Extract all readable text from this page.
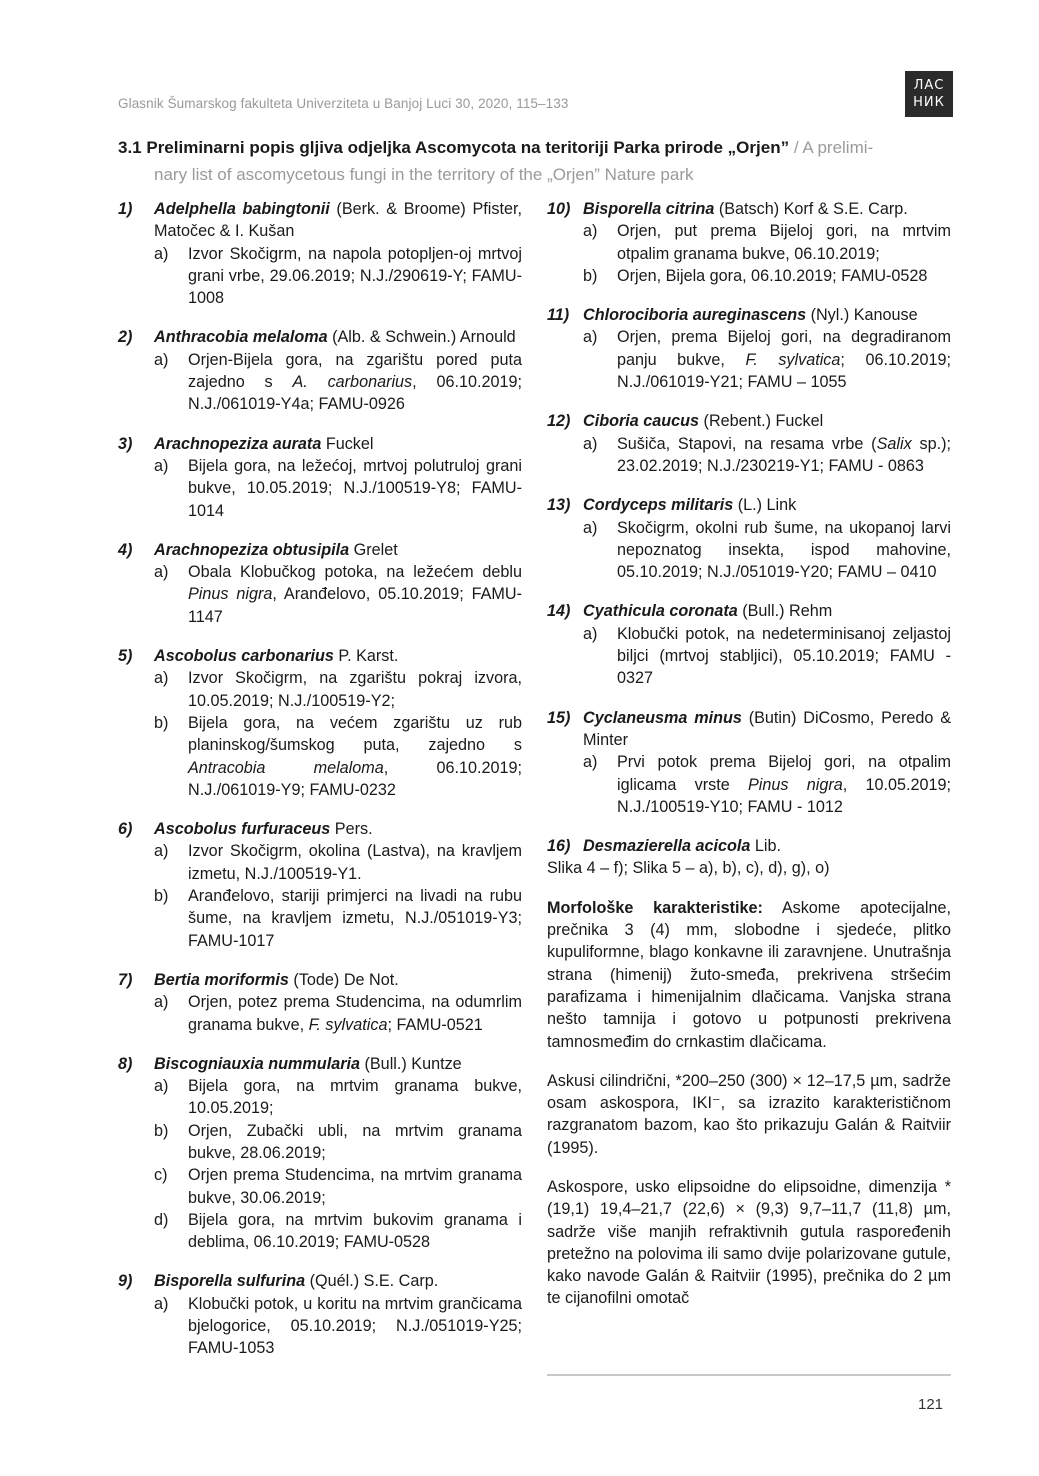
Glasnik Šumarskog fakulteta Univerziteta u Banjoj Luci 30, 2020, 115–133
ЛАС
НИК
3.1 Preliminarni popis gljiva odjeljka Ascomycota na teritoriji Parka prirode „Orjen” / A prelimi-
nary list of ascomycetous fungi in the territory of the „Orjen” Nature park
1)	Adelphella babingtonii (Berk. & Broome) Pfister, Matočec & I. Kušan
a)	Izvor Skočigrm, na napola potopljen-oj mrtvoj grani vrbe, 29.06.2019; N.J./290619-Y; FAMU-1008
2)	Anthracobia melaloma (Alb. & Schwein.) Arnould
a)	Orjen-Bijela gora, na zgarištu pored puta zajedno s A. carbonarius, 06.10.2019; N.J./061019-Y4a; FAMU-0926
3)	Arachnopeziza aurata Fuckel
a)	Bijela gora, na ležećoj, mrtvoj polutruloj grani bukve, 10.05.2019; N.J./100519-Y8; FAMU-1014
4)	Arachnopeziza obtusipila Grelet
a)	Obala Klobučkog potoka, na ležećem deblu Pinus nigra, Aranđelovo, 05.10.2019; FAMU-1147
5)	Ascobolus carbonarius P. Karst.
a)	Izvor Skočigrm, na zgarištu pokraj izvora, 10.05.2019; N.J./100519-Y2;
b)	Bijela gora, na većem zgarištu uz rub planinskog/šumskog puta, zajedno s Antracobia melaloma, 06.10.2019; N.J./061019-Y9; FAMU-0232
6)	Ascobolus furfuraceus Pers.
a)	Izvor Skočigrm, okolina (Lastva), na kravljem izmetu, N.J./100519-Y1.
b)	Aranđelovo, stariji primjerci na livadi na rubu šume, na kravljem izmetu, N.J./051019-Y3; FAMU-1017
7)	Bertia moriformis (Tode) De Not.
a)	Orjen, potez prema Studencima, na odumrlim granama bukve, F. sylvatica; FAMU-0521
8)	Biscogniauxia nummularia (Bull.) Kuntze
a)	Bijela gora, na mrtvim granama bukve, 10.05.2019;
b)	Orjen, Zubački ubli, na mrtvim granama bukve, 28.06.2019;
c)	Orjen prema Studencima, na mrtvim granama bukve, 30.06.2019;
d)	Bijela gora, na mrtvim bukovim granama i deblima, 06.10.2019; FAMU-0528
9)	Bisporella sulfurina (Quél.) S.E. Carp.
a)	Klobučki potok, u koritu na mrtvim grančicama bjelogorice, 05.10.2019; N.J./051019-Y25; FAMU-1053
10) Bisporella citrina (Batsch) Korf & S.E. Carp.
a)	Orjen, put prema Bijeloj gori, na mrtvim otpalim granama bukve, 06.10.2019;
b)	Orjen, Bijela gora, 06.10.2019; FAMU-0528
11) Chlorociboria aureginascens (Nyl.) Kanouse
a)	Orjen, prema Bijeloj gori, na degradiranom panju bukve, F. sylvatica; 06.10.2019; N.J./061019-Y21; FAMU – 1055
12) Ciboria caucus (Rebent.) Fuckel
a)	Sušiča, Stapovi, na resama vrbe (Salix sp.); 23.02.2019; N.J./230219-Y1; FAMU - 0863
13) Cordyceps militaris (L.) Link
a)	Skočigrm, okolni rub šume, na ukopanoj larvi nepoznatog insekta, ispod mahovine, 05.10.2019; N.J./051019-Y20; FAMU – 0410
14) Cyathicula coronata (Bull.) Rehm
a)	Klobučki potok, na nedeterminisanoj zeljastoj biljci (mrtvoj stabljici), 05.10.2019; FAMU - 0327
15) Cyclaneusma minus (Butin) DiCosmo, Peredo & Minter
a)	Prvi potok prema Bijeloj gori, na otpalim iglicama vrste Pinus nigra, 10.05.2019; N.J./100519-Y10; FAMU - 1012
16) Desmazierella acicola Lib.
Slika 4 – f); Slika 5 – a), b), c), d), g), o)

Morfološke karakteristike: Askome apotecijalne, prečnika 3 (4) mm, slobodne i sjedeće, plitko kupuliformne, blago konkavne ili zaravnjene. Unutrašnja strana (himenij) žuto-smeđa, prekrivena stršećim parafizama i himenijalnim dlačicama. Vanjska strana nešto tamnija i gotovo u potpunosti prekrivena tamnosmeđim do crnkastim dlačicama.

Askusi cilindrični, *200–250 (300) × 12–17,5 µm, sadrže osam askospora, IKI⁻, sa izrazito karakterističnom razgranatom bazom, kao što prikazuju Galán & Raitviir (1995).

Askospore, usko elipsoidne do elipsoidne, dimenzija *(19,1) 19,4–21,7 (22,6) × (9,3) 9,7–11,7 (11,8) µm, sadrže više manjih refraktivnih gutula raspoređenih pretežno na polovima ili samo dvije polarizovane gutule, kako navode Galán & Raitviir (1995), prečnika do 2 µm te cijanofilni omotač

121
